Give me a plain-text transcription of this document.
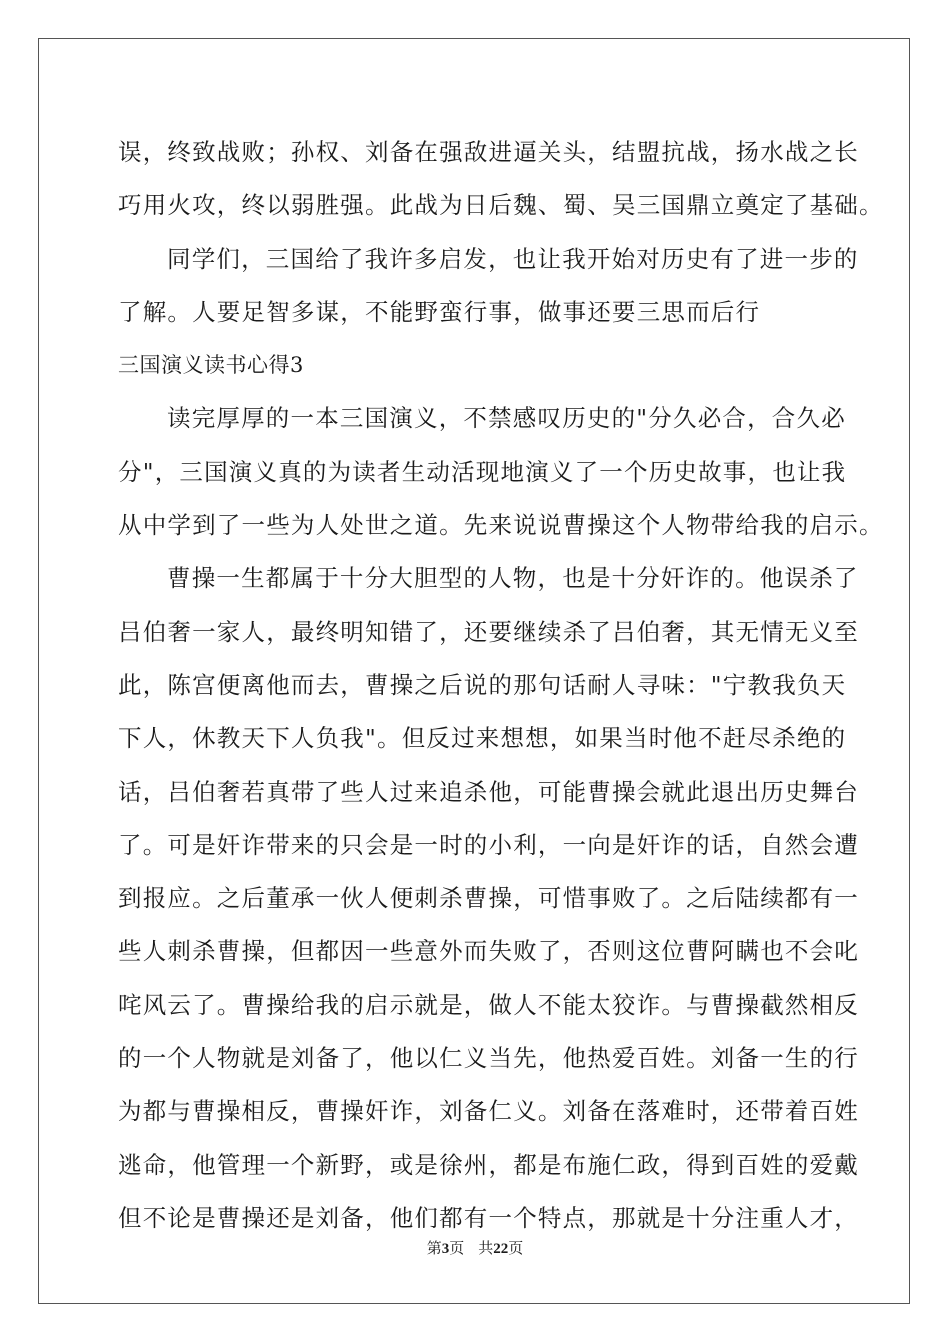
误，终致战败；孙权、刘备在强敌进逼关头，结盟抗战，扬水战之长
巧用火攻，终以弱胜强。此战为日后魏、蜀、吴三国鼎立奠定了基础。
同学们，三国给了我许多启发，也让我开始对历史有了进一步的
了解。人要足智多谋，不能野蛮行事，做事还要三思而后行
三国演义读书心得3
读完厚厚的一本三国演义，不禁感叹历史的"分久必合，合久必
分"，三国演义真的为读者生动活现地演义了一个历史故事，也让我
从中学到了一些为人处世之道。先来说说曹操这个人物带给我的启示。
曹操一生都属于十分大胆型的人物，也是十分奸诈的。他误杀了
吕伯奢一家人，最终明知错了，还要继续杀了吕伯奢，其无情无义至
此，陈宫便离他而去，曹操之后说的那句话耐人寻味："宁教我负天
下人，休教天下人负我"。但反过来想想，如果当时他不赶尽杀绝的
话，吕伯奢若真带了些人过来追杀他，可能曹操会就此退出历史舞台
了。可是奸诈带来的只会是一时的小利，一向是奸诈的话，自然会遭
到报应。之后董承一伙人便刺杀曹操，可惜事败了。之后陆续都有一
些人刺杀曹操，但都因一些意外而失败了，否则这位曹阿瞒也不会叱
咤风云了。曹操给我的启示就是，做人不能太狡诈。与曹操截然相反
的一个人物就是刘备了，他以仁义当先，他热爱百姓。刘备一生的行
为都与曹操相反，曹操奸诈，刘备仁义。刘备在落难时，还带着百姓
逃命，他管理一个新野，或是徐州，都是布施仁政，得到百姓的爱戴
但不论是曹操还是刘备，他们都有一个特点，那就是十分注重人才，
第3页 共22页
